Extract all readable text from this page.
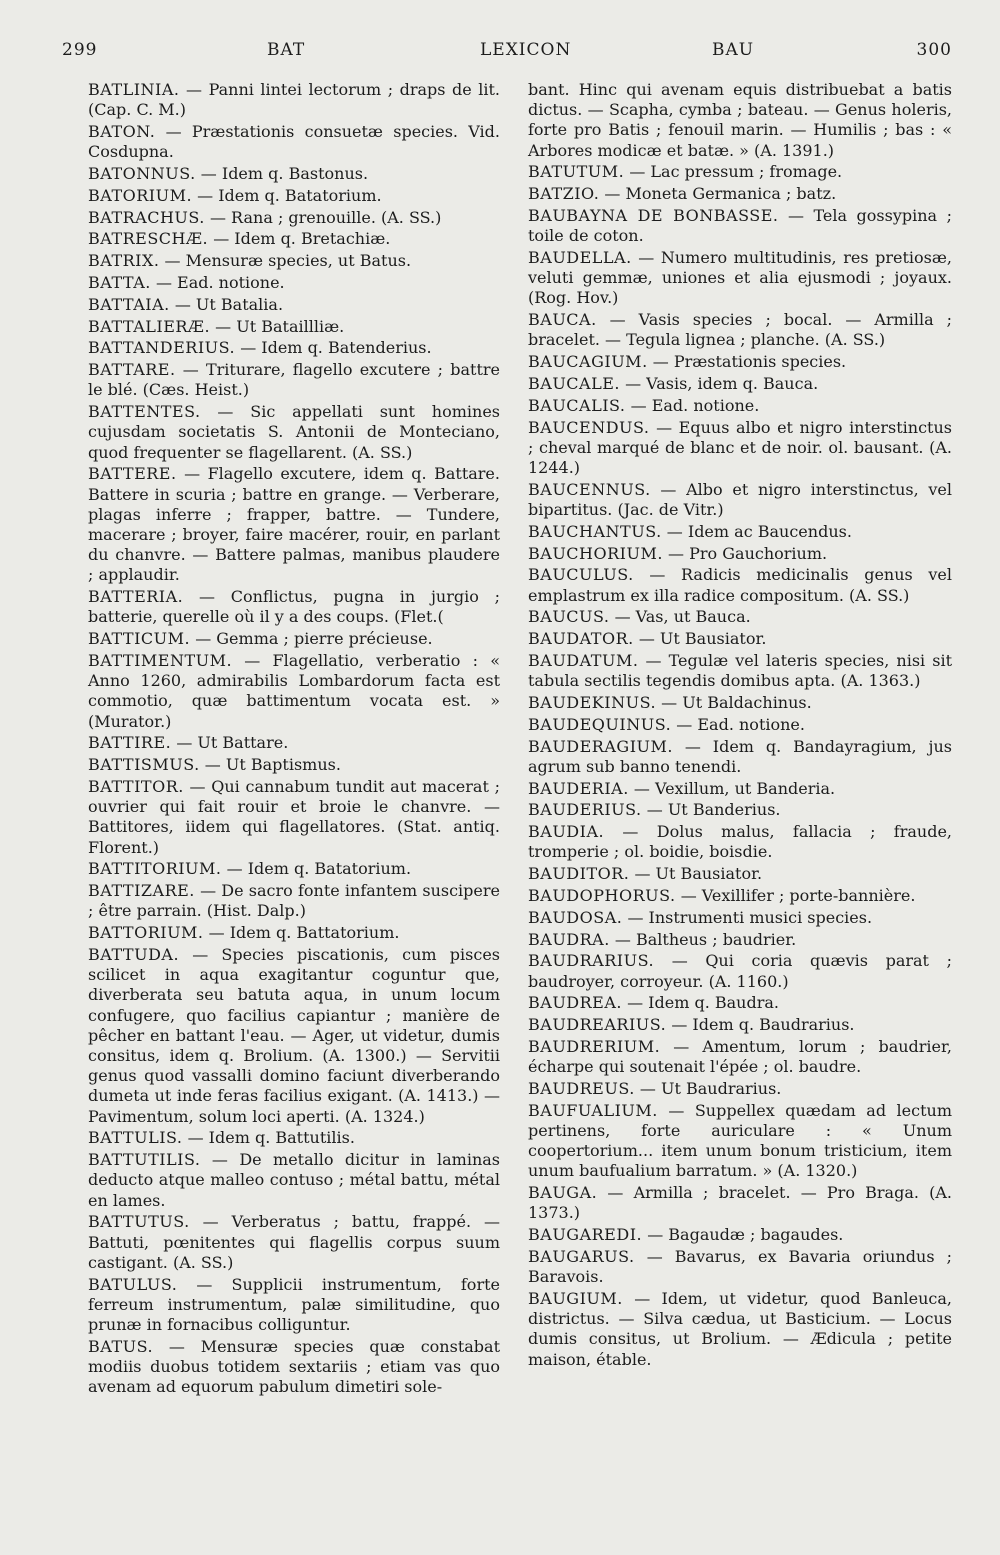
299	BAT	LEXICON	BAU	300

BATLINIA. — Panni lintei lectorum ; draps de lit. (Cap. C. M.)

BATON. — Præstationis consuetæ species. Vid. Cosdupna.

BATONNUS. — Idem q. Bastonus.

BATORIUM. — Idem q. Batatorium.

BATRACHUS. — Rana ; grenouille. (A. SS.)

BATRESCHÆ. — Idem q. Bretachiæ.

BATRIX. — Mensuræ species, ut Batus.

BATTA. — Ead. notione.

BATTAIA. — Ut Batalia.

BATTALIERÆ. — Ut Bataillliæ.

BATTANDERIUS. — Idem q. Batenderius.

BATTARE. — Triturare, flagello excutere ; battre le blé. (Cæs. Heist.)

BATTENTES. — Sic appellati sunt homines cujusdam societatis S. Antonii de Monteciano, quod frequenter se flagellarent. (A. SS.)

BATTERE. — Flagello excutere, idem q. Battare. Battere in scuria ; battre en grange. — Verberare, plagas inferre ; frapper, battre. — Tundere, macerare ; broyer, faire macérer, rouir, en parlant du chanvre. — Battere palmas, manibus plaudere ; applaudir.

BATTERIA. — Conflictus, pugna in jurgio ; batterie, querelle où il y a des coups. (Flet.(

BATTICUM. — Gemma ; pierre précieuse.

BATTIMENTUM. — Flagellatio, verberatio : « Anno 1260, admirabilis Lombardorum facta est commotio, quæ battimentum vocata est. » (Murator.)

BATTIRE. — Ut Battare.

BATTISMUS. — Ut Baptismus.

BATTITOR. — Qui cannabum tundit aut macerat ; ouvrier qui fait rouir et broie le chanvre. — Battitores, iidem qui flagellatores. (Stat. antiq. Florent.)

BATTITORIUM. — Idem q. Batatorium.

BATTIZARE. — De sacro fonte infantem suscipere ; être parrain. (Hist. Dalp.)

BATTORIUM. — Idem q. Battatorium.

BATTUDA. — Species piscationis, cum pisces scilicet in aqua exagitantur coguntur que, diverberata seu batuta aqua, in unum locum confugere, quo facilius capiantur ; manière de pêcher en battant l'eau. — Ager, ut videtur, dumis consitus, idem q. Brolium. (A. 1300.) — Servitii genus quod vassalli domino faciunt diverberando dumeta ut inde feras facilius exigant. (A. 1413.) — Pavimentum, solum loci aperti. (A. 1324.)

BATTULIS. — Idem q. Battutilis.

BATTUTILIS. — De metallo dicitur in laminas deducto atque malleo contuso ; métal battu, métal en lames.

BATTUTUS. — Verberatus ; battu, frappé. — Battuti, pœnitentes qui flagellis corpus suum castigant. (A. SS.)

BATULUS. — Supplicii instrumentum, forte ferreum instrumentum, palæ similitudine, quo prunæ in fornacibus colliguntur.

BATUS. — Mensuræ species quæ constabat modiis duobus totidem sextariis ; etiam vas quo avenam ad equorum pabulum dimetiri sole-

bant. Hinc qui avenam equis distribuebat a batis dictus. — Scapha, cymba ; bateau. — Genus holeris, forte pro Batis ; fenouil marin. — Humilis ; bas : « Arbores modicæ et batæ. » (A. 1391.)

BATUTUM. — Lac pressum ; fromage.

BATZIO. — Moneta Germanica ; batz.

BAUBAYNA DE BONBASSE. — Tela gossypina ; toile de coton.

BAUDELLA. — Numero multitudinis, res pretiosæ, veluti gemmæ, uniones et alia ejusmodi ; joyaux. (Rog. Hov.)

BAUCA. — Vasis species ; bocal. — Armilla ; bracelet. — Tegula lignea ; planche. (A. SS.)

BAUCAGIUM. — Præstationis species.

BAUCALE. — Vasis, idem q. Bauca.

BAUCALIS. — Ead. notione.

BAUCENDUS. — Equus albo et nigro interstinctus ; cheval marqué de blanc et de noir. ol. bausant. (A. 1244.)

BAUCENNUS. — Albo et nigro interstinctus, vel bipartitus. (Jac. de Vitr.)

BAUCHANTUS. — Idem ac Baucendus.

BAUCHORIUM. — Pro Gauchorium.

BAUCULUS. — Radicis medicinalis genus vel emplastrum ex illa radice compositum. (A. SS.)

BAUCUS. — Vas, ut Bauca.

BAUDATOR. — Ut Bausiator.

BAUDATUM. — Tegulæ vel lateris species, nisi sit tabula sectilis tegendis domibus apta. (A. 1363.)

BAUDEKINUS. — Ut Baldachinus.

BAUDEQUINUS. — Ead. notione.

BAUDERAGIUM. — Idem q. Bandayragium, jus agrum sub banno tenendi.

BAUDERIA. — Vexillum, ut Banderia.

BAUDERIUS. — Ut Banderius.

BAUDIA. — Dolus malus, fallacia ; fraude, tromperie ; ol. boidie, boisdie.

BAUDITOR. — Ut Bausiator.

BAUDOPHORUS. — Vexillifer ; porte-bannière.

BAUDOSA. — Instrumenti musici species.

BAUDRA. — Baltheus ; baudrier.

BAUDRARIUS. — Qui coria quævis parat ; baudroyer, corroyeur. (A. 1160.)

BAUDREA. — Idem q. Baudra.

BAUDREARIUS. — Idem q. Baudrarius.

BAUDRERIUM. — Amentum, lorum ; baudrier, écharpe qui soutenait l'épée ; ol. baudre.

BAUDREUS. — Ut Baudrarius.

BAUFUALIUM. — Suppellex quædam ad lectum pertinens, forte auriculare : « Unum coopertorium... item unum bonum tristicium, item unum baufualium barratum. » (A. 1320.)

BAUGA. — Armilla ; bracelet. — Pro Braga. (A. 1373.)

BAUGAREDI. — Bagaudæ ; bagaudes.

BAUGARUS. — Bavarus, ex Bavaria oriundus ; Baravois.

BAUGIUM. — Idem, ut videtur, quod Banleuca, districtus. — Silva cædua, ut Basticium. — Locus dumis consitus, ut Brolium. — Ædicula ; petite maison, étable.
